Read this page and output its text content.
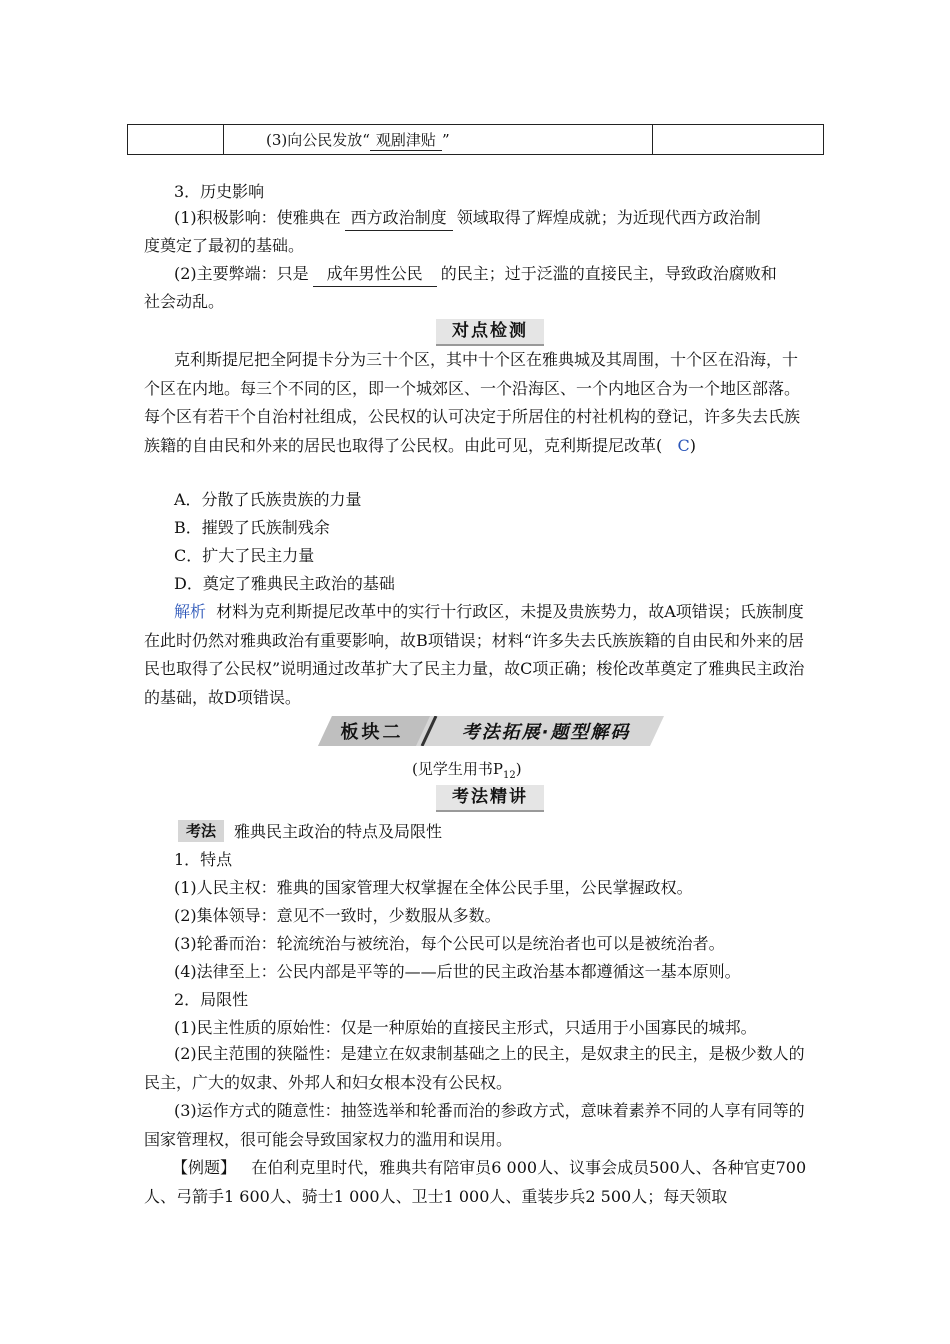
	(3)向公民发放“ 观剧津贴 ”	
3．历史影响
(1)积极影响：使雅典在 西方政治制度 领域取得了辉煌成就；为近现代西方政治制
度奠定了最初的基础。
(2)主要弊端：只是 成年男性公民 的民主；过于泛滥的直接民主，导致政治腐败和
社会动乱。
对点检测
克利斯提尼把全阿提卡分为三十个区，其中十个区在雅典城及其周围，十个区在沿海，十个区在内地。每三个不同的区，即一个城郊区、一个沿海区、一个内地区合为一个地区部落。每个区有若干个自治村社组成，公民权的认可决定于所居住的村社机构的登记，许多失去氏族族籍的自由民和外来的居民也取得了公民权。由此可见，克利斯提尼改革( C)
A．分散了氏族贵族的力量
B．摧毁了氏族制残余
C．扩大了民主力量
D．奠定了雅典民主政治的基础
解析 材料为克利斯提尼改革中的实行十行政区，未提及贵族势力，故A项错误；氏族制度在此时仍然对雅典政治有重要影响，故B项错误；材料“许多失去氏族族籍的自由民和外来的居民也取得了公民权”说明通过改革扩大了民主力量，故C项正确；梭伦改革奠定了雅典民主政治的基础，故D项错误。
板块二	考法拓展·题型解码
(见学生用书$P_{12}$)
考法精讲
考法	雅典民主政治的特点及局限性
1．特点
(1)人民主权：雅典的国家管理大权掌握在全体公民手里，公民掌握政权。
(2)集体领导：意见不一致时，少数服从多数。
(3)轮番而治：轮流统治与被统治，每个公民可以是统治者也可以是被统治者。
(4)法律至上：公民内部是平等的——后世的民主政治基本都遵循这一基本原则。
2．局限性
(1)民主性质的原始性：仅是一种原始的直接民主形式，只适用于小国寡民的城邦。
(2)民主范围的狭隘性：是建立在奴隶制基础之上的民主，是奴隶主的民主，是极少数人的民主，广大的奴隶、外邦人和妇女根本没有公民权。
(3)运作方式的随意性：抽签选举和轮番而治的参政方式，意味着素养不同的人享有同等的国家管理权，很可能会导致国家权力的滥用和误用。
【例题】 在伯利克里时代，雅典共有陪审员6 000人、议事会成员500人、各种官吏700人、弓箭手1 600人、骑士1 000人、卫士1 000人、重装步兵2 500人；每天领取
